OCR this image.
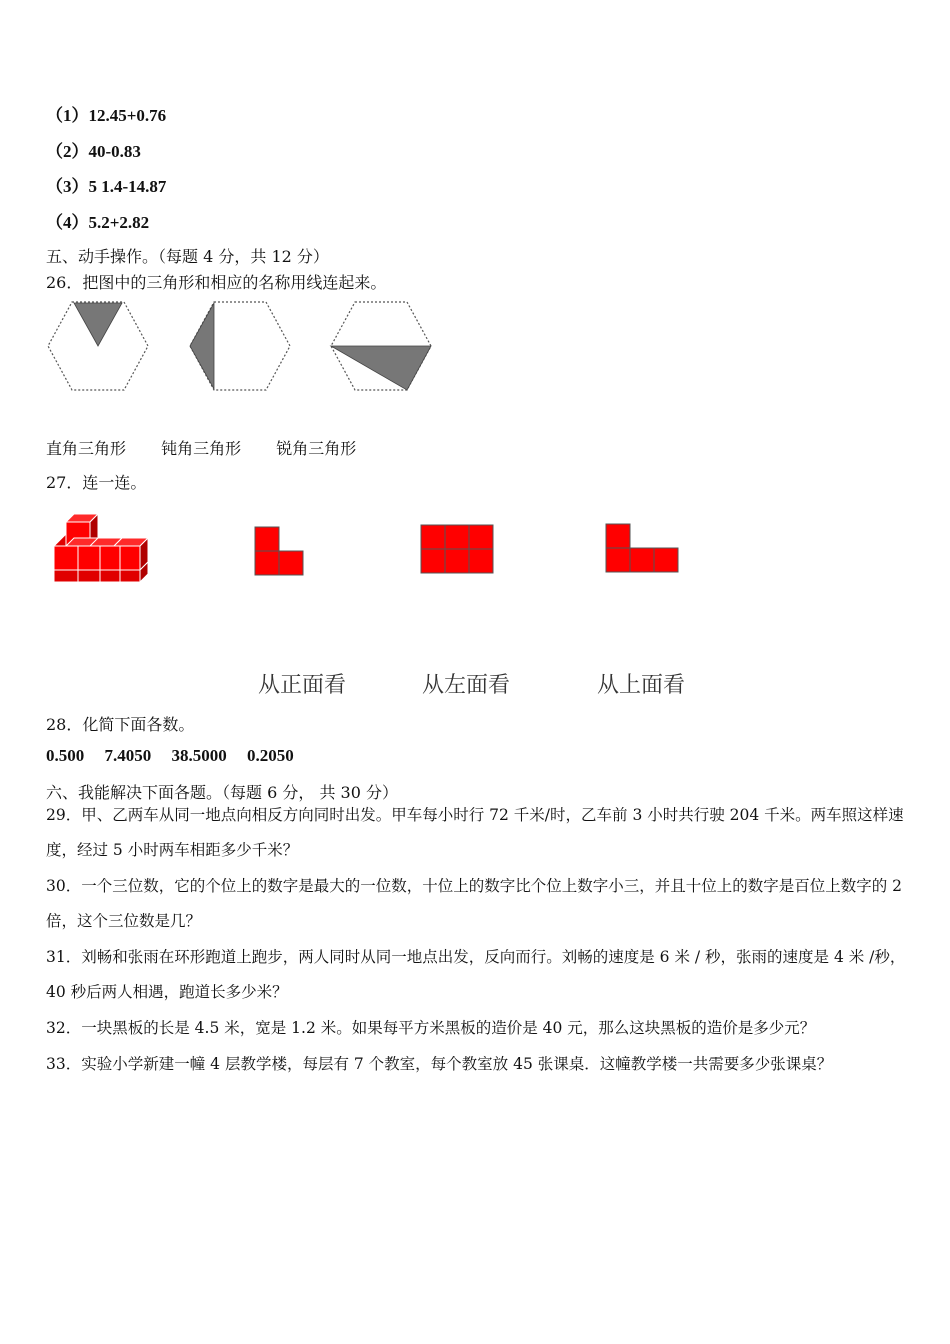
（1）12.45+0.76
（2）40-0.83
（3）5 1.4-14.87
（4）5.2+2.82
五、动手操作。（每题 4 分，共 12 分）
26．把图中的三角形和相应的名称用线连起来。
直角三角形 钝角三角形 锐角三角形
27．连一连。
从正面看	从左面看	从上面看
28．化简下面各数。
0.500 7.4050 38.5000 0.2050
六、我能解决下面各题。（每题 6 分， 共 30 分）
29．甲、乙两车从同一地点向相反方向同时出发。甲车每小时行 72 千米/时，乙车前 3 小时共行驶 204 千米。两车照这样速度，经过 5 小时两车相距多少千米？
30．一个三位数，它的个位上的数字是最大的一位数，十位上的数字比个位上数字小三，并且十位上的数字是百位上数字的 2 倍，这个三位数是几？
31．刘畅和张雨在环形跑道上跑步，两人同时从同一地点出发，反向而行。刘畅的速度是 6 米 / 秒，张雨的速度是 4 米 /秒，40 秒后两人相遇，跑道长多少米？
32．一块黑板的长是 4.5 米，宽是 1.2 米。如果每平方米黑板的造价是 40 元，那么这块黑板的造价是多少元？
33．实验小学新建一幢 4 层教学楼，每层有 7 个教室，每个教室放 45 张课桌．这幢教学楼一共需要多少张课桌？
